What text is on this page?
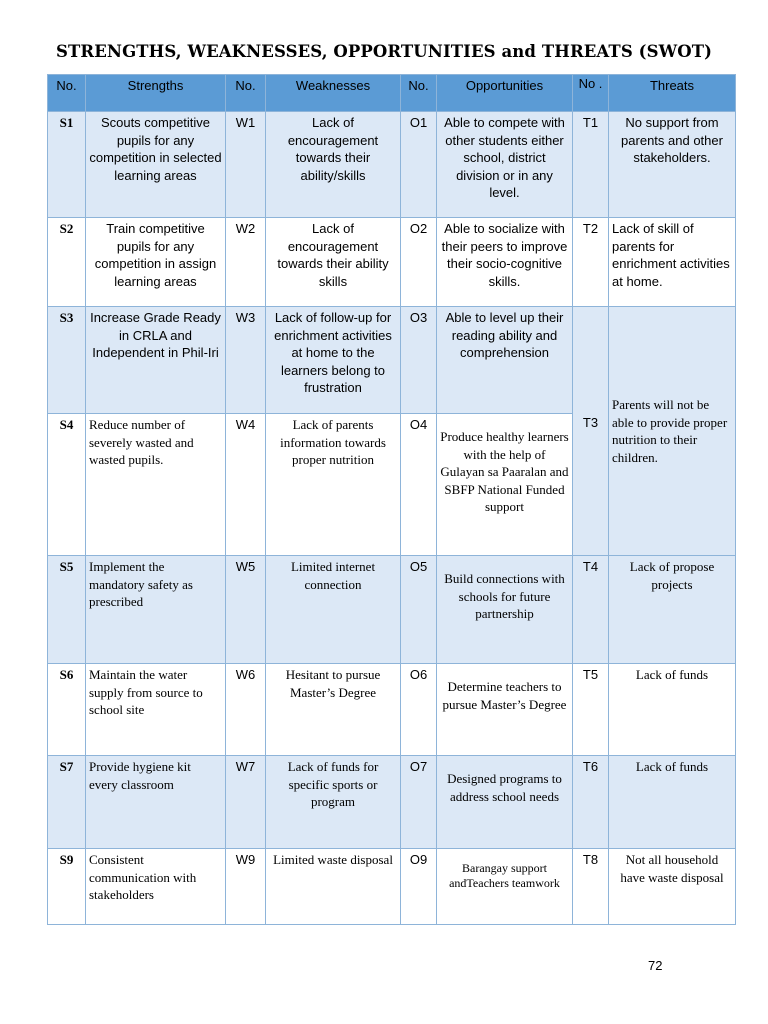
STRENGTHS, WEAKNESSES, OPPORTUNITIES and THREATS (SWOT)
No.	Strengths	No.	Weaknesses	No.	Opportunities	No .	Threats
S1	Scouts competitive pupils for any competition in selected learning areas	W1	Lack of encouragement towards their ability/skills	O1	Able to compete with other students either school, district division or in any level.	T1	No support from parents and other stakeholders.
S2	Train competitive pupils for any competition in assign learning areas	W2	Lack of encouragement towards their ability skills	O2	Able to socialize with their peers to improve their socio-cognitive skills.	T2	Lack of skill of parents for enrichment activities at home.
S3	Increase Grade Ready in CRLA and Independent in Phil-Iri	W3	Lack of follow-up for enrichment activities at home to the learners belong to frustration	O3	Able to level up their reading ability and comprehension	T3	Parents will not be able to provide proper nutrition to their children.
S4	Reduce number of severely wasted and wasted pupils.	W4	Lack of parents information towards proper nutrition	O4	Produce healthy learners with the help of Gulayan sa Paaralan and SBFP National Funded support		
S5	Implement the mandatory safety as prescribed	W5	Limited internet connection	O5	Build connections with schools for future partnership	T4	Lack of propose projects
S6	Maintain the water supply from source to school site	W6	Hesitant to pursue Master’s Degree	O6	Determine teachers to pursue Master’s Degree	T5	Lack of funds
S7	Provide hygiene kit every classroom	W7	Lack of funds for specific sports or program	O7	Designed programs to address school needs	T6	Lack of funds
S9	Consistent communication with stakeholders	W9	Limited waste disposal	O9	Barangay support andTeachers teamwork	T8	Not all household have waste disposal
72
